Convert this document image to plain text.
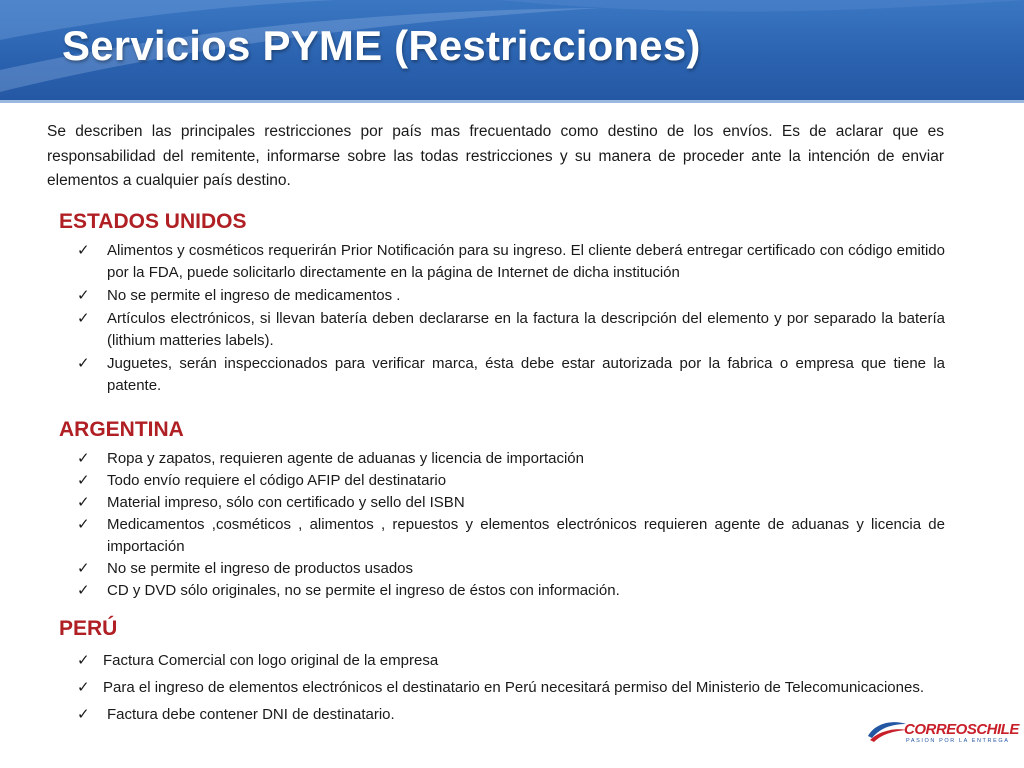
Servicios PYME (Restricciones)

Se describen las principales restricciones por país mas frecuentado como destino de los envíos. Es de aclarar que es responsabilidad del remitente, informarse sobre las todas restricciones y su manera de proceder ante la intención de enviar elementos a cualquier país destino.

ESTADOS UNIDOS
✓ Alimentos y cosméticos requerirán Prior Notificación para su ingreso. El cliente deberá entregar certificado con código emitido por la FDA, puede solicitarlo directamente en la página de Internet de dicha institución
✓ No se permite el ingreso de medicamentos .
✓ Artículos electrónicos, si llevan batería deben declararse en la factura la descripción del elemento y por separado la batería (lithium matteries labels).
✓ Juguetes, serán inspeccionados para verificar marca, ésta debe estar autorizada por la fabrica o empresa que tiene la patente.
ARGENTINA
✓ Ropa y zapatos, requieren agente de aduanas y licencia de importación
✓ Todo envío requiere el código AFIP del destinatario
✓ Material impreso, sólo con certificado y sello del ISBN
✓ Medicamentos ,cosméticos , alimentos , repuestos y elementos electrónicos requieren agente de aduanas y licencia de importación
✓ No se permite el ingreso de productos usados
✓ CD y DVD sólo originales, no se permite el ingreso de éstos con información.
PERÚ
✓ Factura Comercial con logo original de la empresa
✓ Para el ingreso de elementos electrónicos el destinatario en Perú necesitará permiso del Ministerio de Telecomunicaciones.
✓ Factura debe contener DNI de destinatario.
CORREOSCHILE
PASION POR LA ENTREGA
